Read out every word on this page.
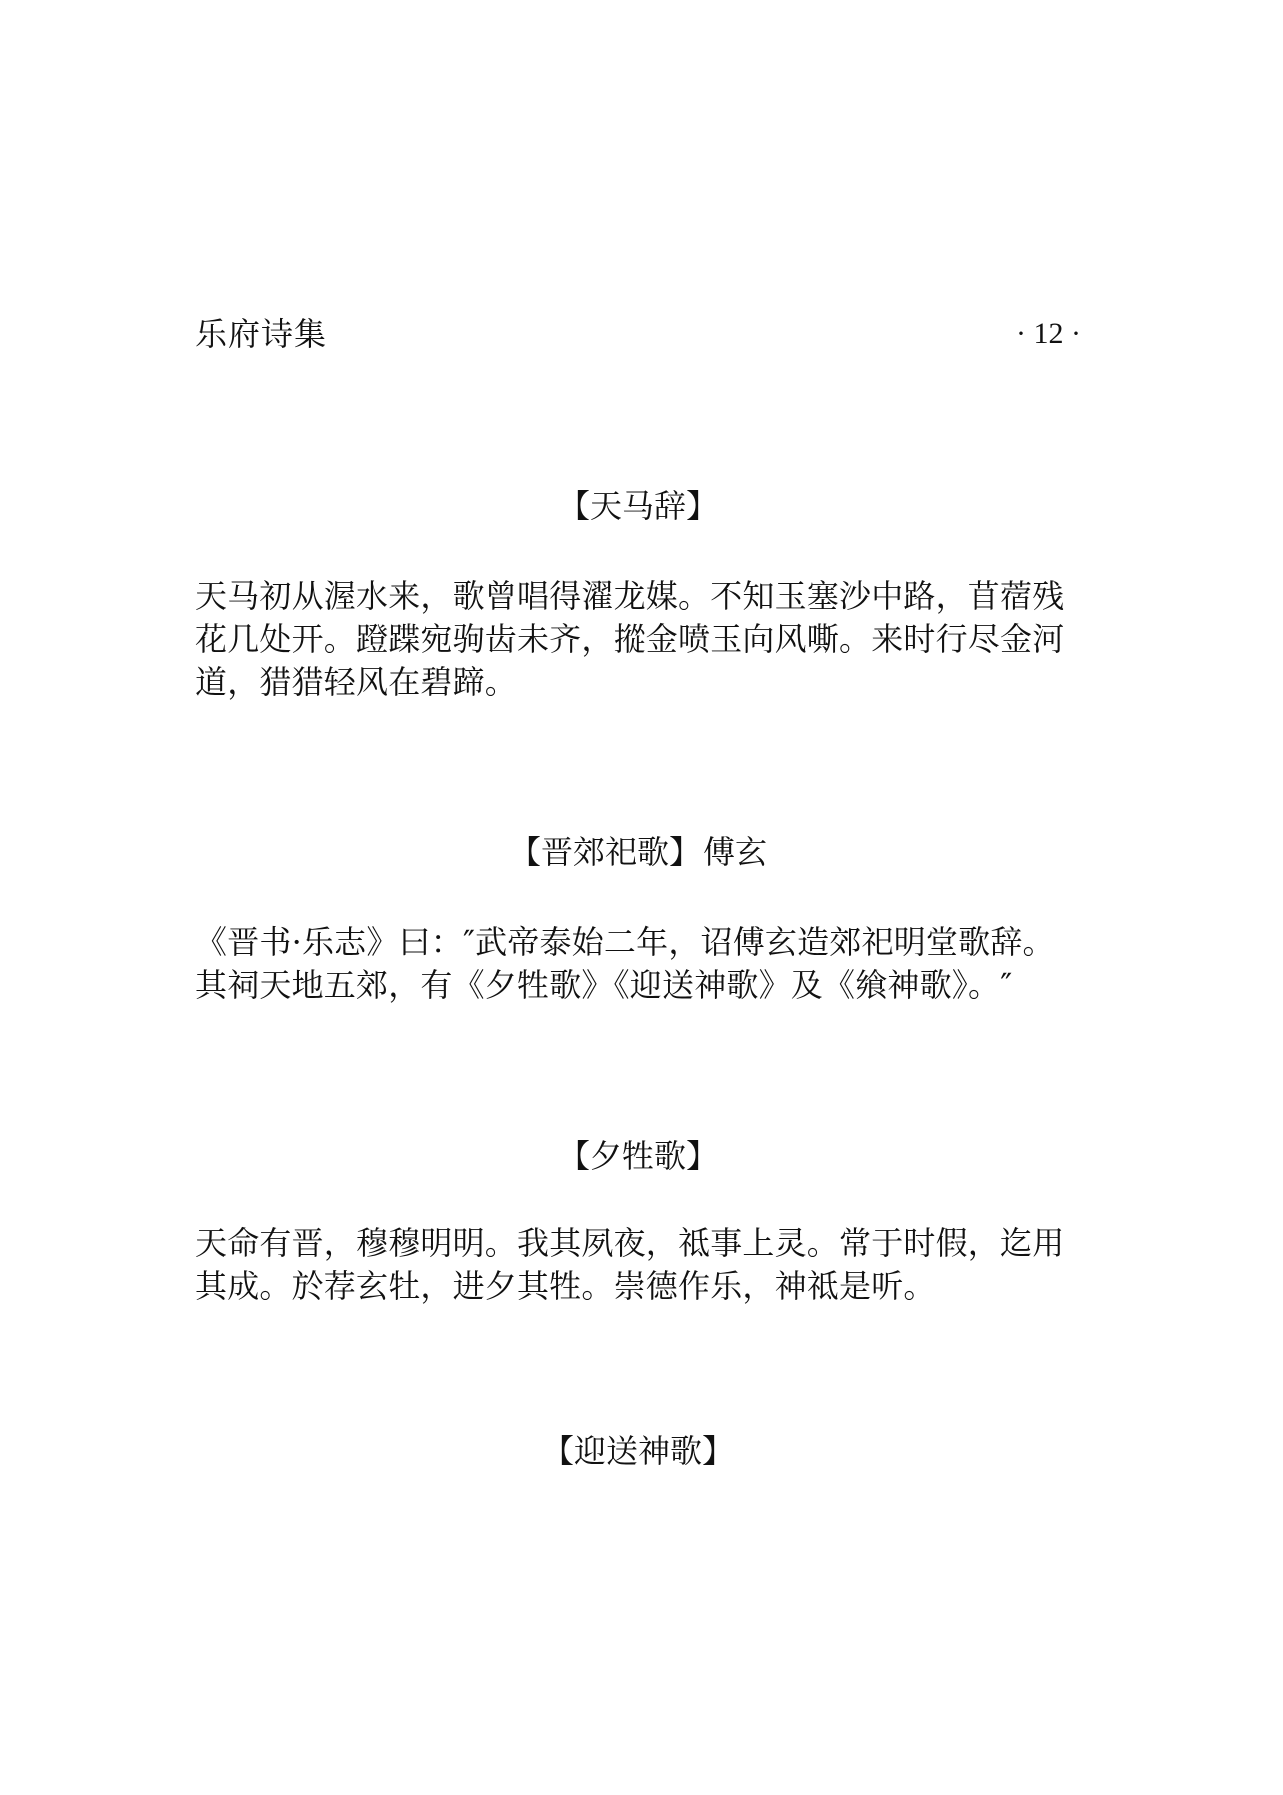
乐府诗集	· 12 ·
【天马辞】
天马初从渥水来，歌曾唱得濯龙媒。不知玉塞沙中路，苜蓿残
花几处开。蹬蹀宛驹齿未齐，摐金喷玉向风嘶。来时行尽金河
道，猎猎轻风在碧蹄。
【晋郊祀歌】傅玄
《晋书·乐志》曰：″武帝泰始二年，诏傅玄造郊祀明堂歌辞。
其祠天地五郊，有《夕牲歌》《迎送神歌》及《飨神歌》。″
【夕牲歌】
天命有晋，穆穆明明。我其夙夜，祗事上灵。常于时假，迄用
其成。於荐玄牡，进夕其牲。崇德作乐，神祗是听。
【迎送神歌】
